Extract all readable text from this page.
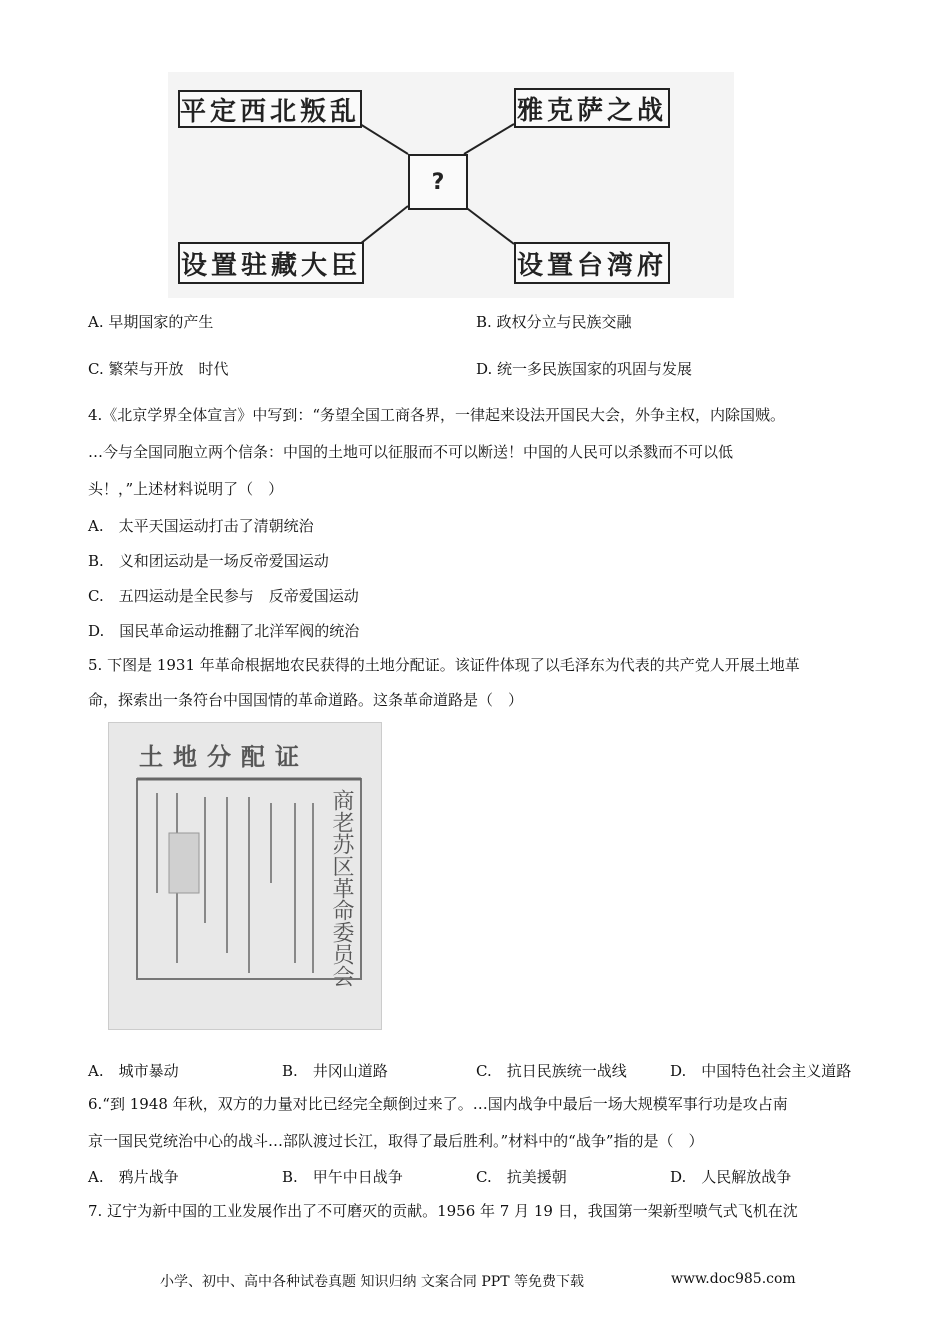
平定西北叛乱	雅克萨之战
?
设置驻藏大臣	设置台湾府
A. 早期国家的产生	B. 政权分立与民族交融
C. 繁荣与开放　时代	D. 统一多民族国家的巩固与发展
4.《北京学界全体宣言》中写到：“务望全国工商各界，一律起来设法开国民大会，外争主权，内除国贼。
…今与全国同胞立两个信条：中国的土地可以征服而不可以断送！中国的人民可以杀戮而不可以低
头！，”上述材料说明了（　）
A.　太平天国运动打击了清朝统治
B.　义和团运动是一场反帝爱国运动
C.　五四运动是全民参与　反帝爱国运动
D.　国民革命运动推翻了北洋军阀的统治
5. 下图是 1931 年革命根据地农民获得的土地分配证。该证件体现了以毛泽东为代表的共产党人开展土地革
命，探索出一条符台中国国情的革命道路。这条革命道路是（　）
土地分配证
商老苏区革命委员会
A.　城市暴动	B.　井冈山道路	C.　抗日民族统一战线	D.　中国特色社会主义道路
6.“到 1948 年秋，双方的力量对比已经完全颠倒过来了。…国内战争中最后一场大规模军事行功是攻占南
京一国民党统治中心的战斗…部队渡过长江，取得了最后胜利。”材料中的“战争”指的是（　）
A.　鸦片战争	B.　甲午中日战争	C.　抗美援朝	D.　人民解放战争
7. 辽宁为新中国的工业发展作出了不可磨灭的贡献。1956 年 7 月 19 日，我国第一架新型喷气式飞机在沈
小学、初中、高中各种试卷真题 知识归纳 文案合同 PPT 等免费下载	www.doc985.com
